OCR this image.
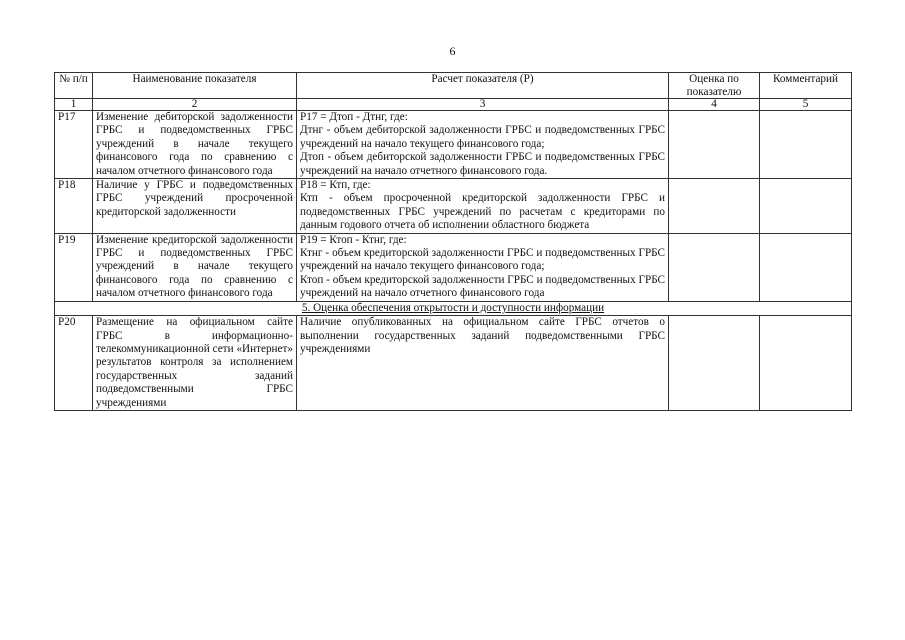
6
№ п/п	Наименование показателя	Расчет показателя (Р)	Оценка по показателю	Комментарий
1	2	3	4	5
Р17	Изменение дебиторской задолженности ГРБС и подведомственных ГРБС учреждений в начале текущего финансового года по сравнению с началом отчетного финансового года	Р17 = Дтоп - Дтнг, где:
Дтнг - объем дебиторской задолженности ГРБС и подведомственных ГРБС учреждений на начало текущего финансового года;
Дтоп - объем дебиторской задолженности ГРБС и подведомственных ГРБС учреждений на начало отчетного финансового года.		

Р18	Наличие у ГРБС и подведомственных ГРБС учреждений просроченной кредиторской задолженности	Р18 = Ктп, где:
Ктп - объем просроченной кредиторской задолженности ГРБС и подведомственных ГРБС учреждений по расчетам с кредиторами по данным годового отчета об исполнении областного бюджета		

Р19	Изменение кредиторской задолженности ГРБС и подведомственных ГРБС учреждений в начале текущего финансового года по сравнению с началом отчетного финансового года	Р19 = Ктоп - Ктнг, где:
Ктнг - объем кредиторской задолженности ГРБС и подведомственных ГРБС учреждений на начало текущего финансового года;
Ктоп - объем кредиторской задолженности ГРБС и подведомственных ГРБС учреждений на начало отчетного финансового года		

5. Оценка обеспечения открытости и доступности информации				
Р20	Размещение на официальном сайте ГРБС в информационно-телекоммуникационной сети «Интернет» результатов контроля за исполнением государственных заданий подведомственными ГРБС учреждениями	Наличие опубликованных на официальном сайте ГРБС отчетов о выполнении государственных заданий подведомственными ГРБС учреждениями		
